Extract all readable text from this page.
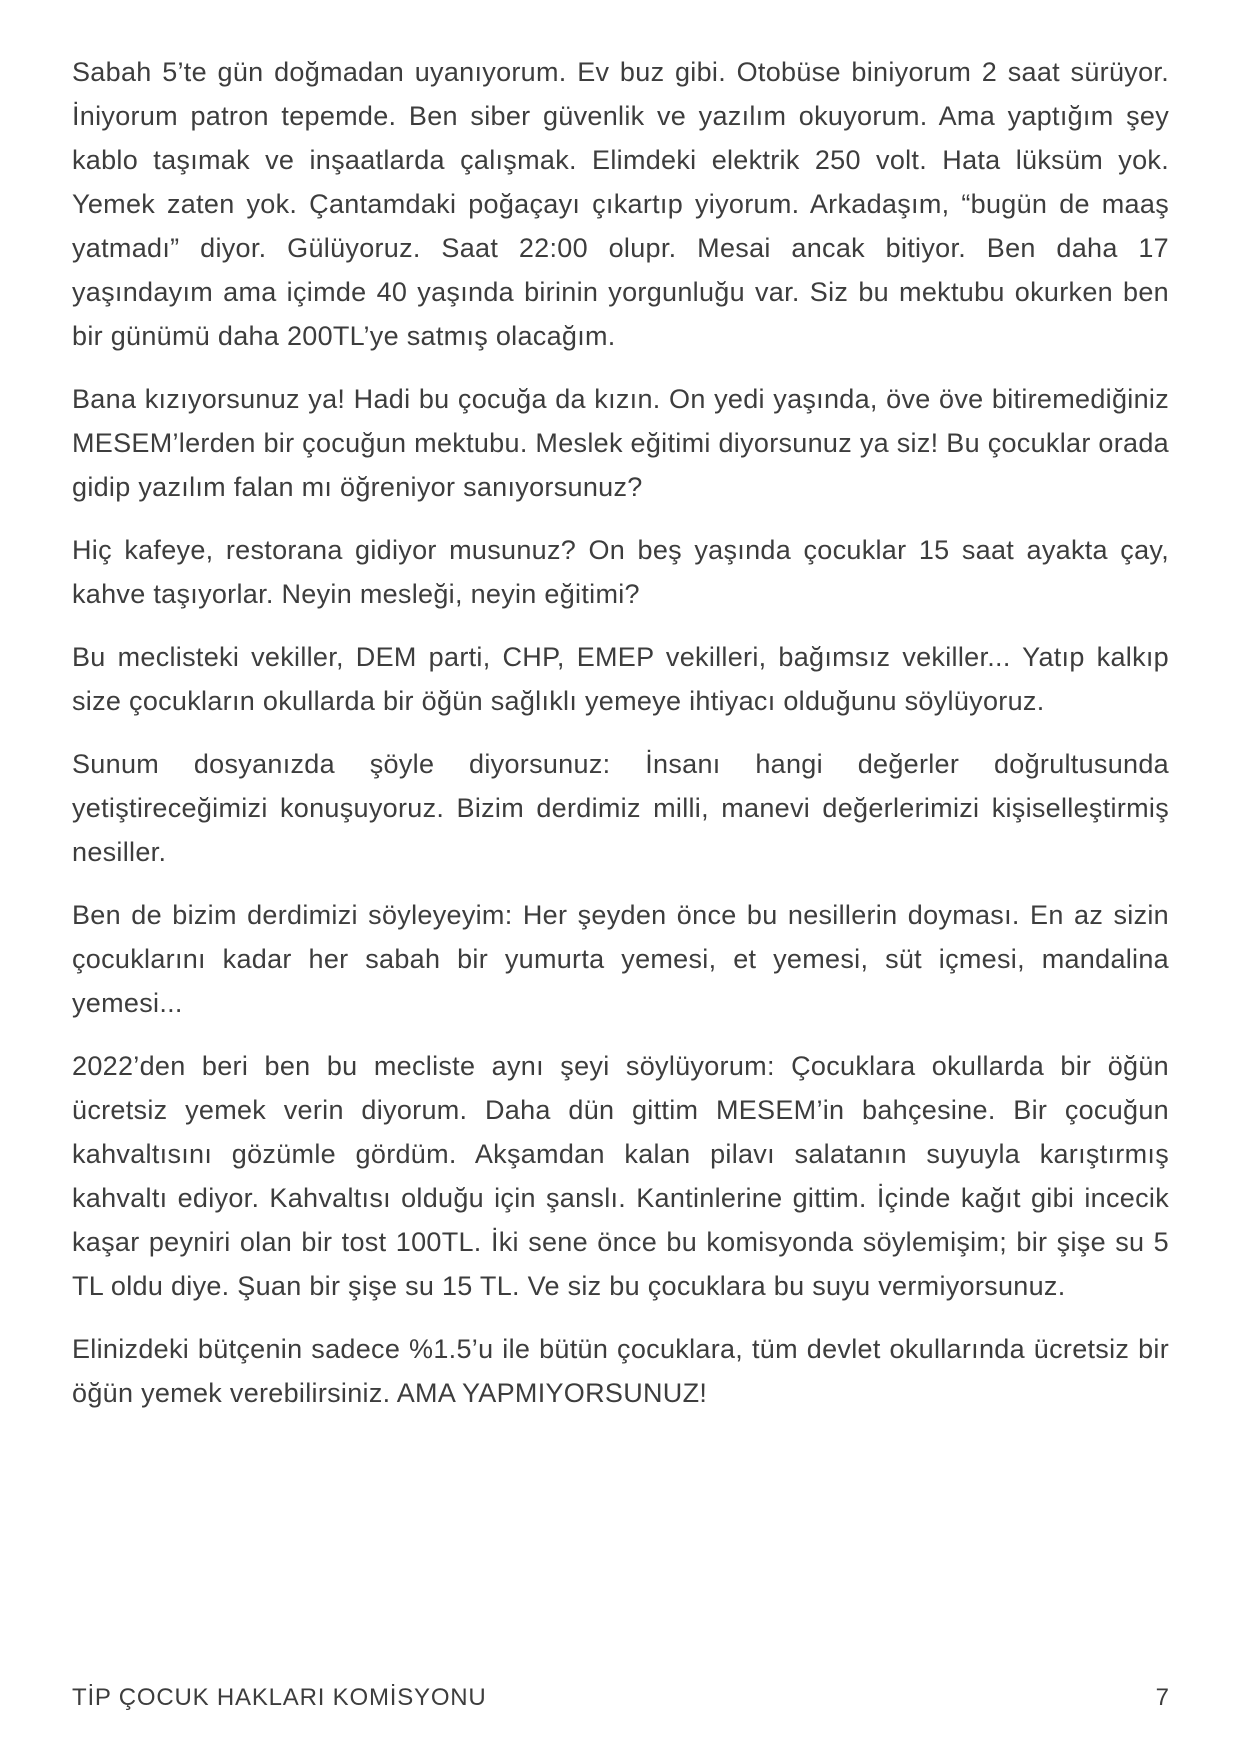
Sabah 5’te gün doğmadan uyanıyorum. Ev buz gibi. Otobüse biniyorum 2 saat sürüyor. İniyorum patron tepemde. Ben siber güvenlik ve yazılım okuyorum. Ama yaptığım şey kablo taşımak ve inşaatlarda çalışmak. Elimdeki elektrik 250 volt. Hata lüksüm yok. Yemek zaten yok. Çantamdaki poğaçayı çıkartıp yiyorum. Arkadaşım, “bugün de maaş yatmadı” diyor. Gülüyoruz. Saat 22:00 olupr. Mesai ancak bitiyor. Ben daha 17 yaşındayım ama içimde 40 yaşında birinin yorgunluğu var. Siz bu mektubu okurken ben bir günümü daha 200TL’ye satmış olacağım.

Bana kızıyorsunuz ya! Hadi bu çocuğa da kızın. On yedi yaşında, öve öve bitiremediğiniz MESEM’lerden bir çocuğun mektubu. Meslek eğitimi diyorsunuz ya siz! Bu çocuklar orada gidip yazılım falan mı öğreniyor sanıyorsunuz?

Hiç kafeye, restorana gidiyor musunuz? On beş yaşında çocuklar 15 saat ayakta çay, kahve taşıyorlar. Neyin mesleği, neyin eğitimi?

Bu meclisteki vekiller, DEM parti, CHP, EMEP vekilleri, bağımsız vekiller... Yatıp kalkıp size çocukların okullarda bir öğün sağlıklı yemeye ihtiyacı olduğunu söylüyoruz.

Sunum dosyanızda şöyle diyorsunuz: İnsanı hangi değerler doğrultusunda yetiştireceğimizi konuşuyoruz. Bizim derdimiz milli, manevi değerlerimizi kişiselleştirmiş nesiller.

Ben de bizim derdimizi söyleyeyim: Her şeyden önce bu nesillerin doyması. En az sizin çocuklarını kadar her sabah bir yumurta yemesi, et yemesi, süt içmesi, mandalina yemesi...

2022’den beri ben bu mecliste aynı şeyi söylüyorum: Çocuklara okullarda bir öğün ücretsiz yemek verin diyorum. Daha dün gittim MESEM’in bahçesine. Bir çocuğun kahvaltısını gözümle gördüm. Akşamdan kalan pilavı salatanın suyuyla karıştırmış kahvaltı ediyor. Kahvaltısı olduğu için şanslı. Kantinlerine gittim. İçinde kağıt gibi incecik kaşar peyniri olan bir tost 100TL. İki sene önce bu komisyonda söylemişim; bir şişe su 5 TL oldu diye. Şuan bir şişe su 15 TL. Ve siz bu çocuklara bu suyu vermiyorsunuz.

Elinizdeki bütçenin sadece %1.5’u ile bütün çocuklara, tüm devlet okullarında ücretsiz bir öğün yemek verebilirsiniz. AMA YAPMIYORSUNUZ!

TİP ÇOCUK HAKLARI KOMİSYONU	7
